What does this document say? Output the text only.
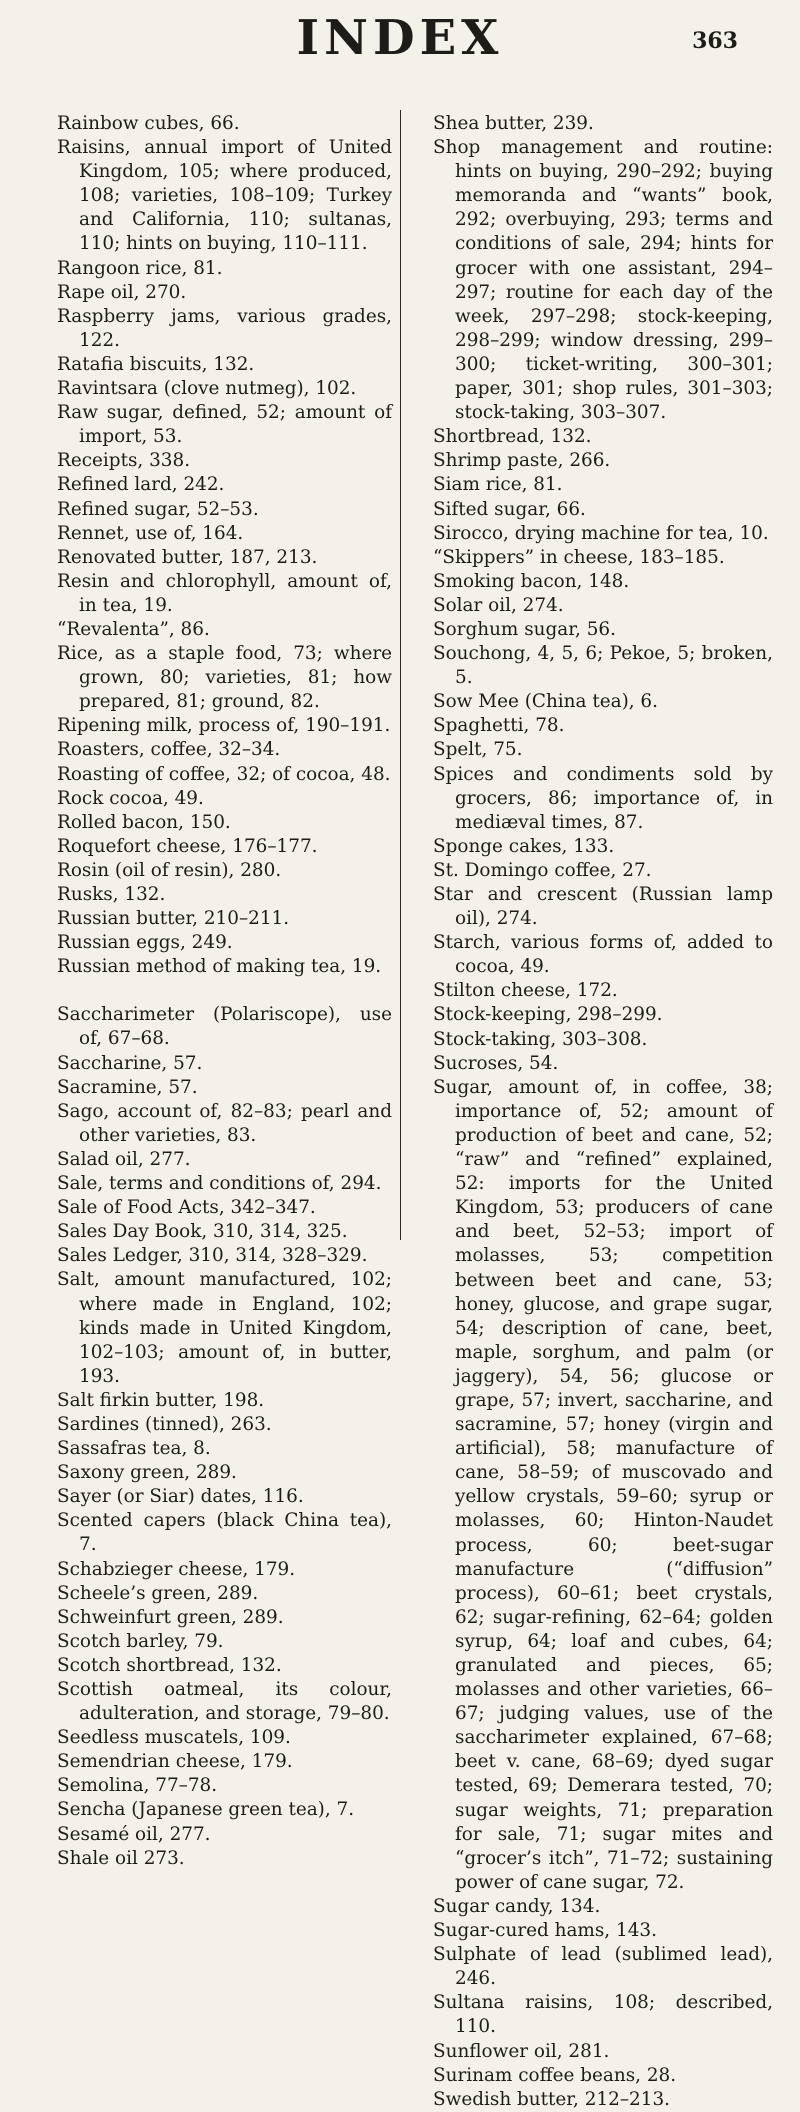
INDEX	363

Rainbow cubes, 66.

Raisins, annual import of United Kingdom, 105; where produced, 108; varieties, 108–109; Turkey and California, 110; sultanas, 110; hints on buying, 110–111.

Rangoon rice, 81.

Rape oil, 270.

Raspberry jams, various grades, 122.

Ratafia biscuits, 132.

Ravintsara (clove nutmeg), 102.

Raw sugar, defined, 52; amount of import, 53.

Receipts, 338.

Refined lard, 242.

Refined sugar, 52–53.

Rennet, use of, 164.

Renovated butter, 187, 213.

Resin and chlorophyll, amount of, in tea, 19.

“Revalenta”, 86.

Rice, as a staple food, 73; where grown, 80; varieties, 81; how prepared, 81; ground, 82.

Ripening milk, process of, 190–191.

Roasters, coffee, 32–34.

Roasting of coffee, 32; of cocoa, 48.

Rock cocoa, 49.

Rolled bacon, 150.

Roquefort cheese, 176–177.

Rosin (oil of resin), 280.

Rusks, 132.

Russian butter, 210–211.

Russian eggs, 249.

Russian method of making tea, 19.

Saccharimeter (Polariscope), use of, 67–68.

Saccharine, 57.

Sacramine, 57.

Sago, account of, 82–83; pearl and other varieties, 83.

Salad oil, 277.

Sale, terms and conditions of, 294.

Sale of Food Acts, 342–347.

Sales Day Book, 310, 314, 325.

Sales Ledger, 310, 314, 328–329.

Salt, amount manufactured, 102; where made in England, 102; kinds made in United Kingdom, 102–103; amount of, in butter, 193.

Salt firkin butter, 198.

Sardines (tinned), 263.

Sassafras tea, 8.

Saxony green, 289.

Sayer (or Siar) dates, 116.

Scented capers (black China tea), 7.

Schabzieger cheese, 179.

Scheele’s green, 289.

Schweinfurt green, 289.

Scotch barley, 79.

Scotch shortbread, 132.

Scottish oatmeal, its colour, adulteration, and storage, 79–80.

Seedless muscatels, 109.

Semendrian cheese, 179.

Semolina, 77–78.

Sencha (Japanese green tea), 7.

Sesamé oil, 277.

Shale oil 273.

Shea butter, 239.

Shop management and routine: hints on buying, 290–292; buying memoranda and “wants” book, 292; overbuying, 293; terms and conditions of sale, 294; hints for grocer with one assistant, 294–297; routine for each day of the week, 297–298; stock-keeping, 298–299; window dressing, 299–300; ticket-writing, 300–301; paper, 301; shop rules, 301–303; stock-taking, 303–307.

Shortbread, 132.

Shrimp paste, 266.

Siam rice, 81.

Sifted sugar, 66.

Sirocco, drying machine for tea, 10.

“Skippers” in cheese, 183–185.

Smoking bacon, 148.

Solar oil, 274.

Sorghum sugar, 56.

Souchong, 4, 5, 6; Pekoe, 5; broken, 5.

Sow Mee (China tea), 6.

Spaghetti, 78.

Spelt, 75.

Spices and condiments sold by grocers, 86; importance of, in mediæval times, 87.

Sponge cakes, 133.

St. Domingo coffee, 27.

Star and crescent (Russian lamp oil), 274.

Starch, various forms of, added to cocoa, 49.

Stilton cheese, 172.

Stock-keeping, 298–299.

Stock-taking, 303–308.

Sucroses, 54.

Sugar, amount of, in coffee, 38; importance of, 52; amount of production of beet and cane, 52; “raw” and “refined” explained, 52: imports for the United Kingdom, 53; producers of cane and beet, 52–53; import of molasses, 53; competition between beet and cane, 53; honey, glucose, and grape sugar, 54; description of cane, beet, maple, sorghum, and palm (or jaggery), 54, 56; glucose or grape, 57; invert, saccharine, and sacramine, 57; honey (virgin and artificial), 58; manufacture of cane, 58–59; of muscovado and yellow crystals, 59–60; syrup or molasses, 60; Hinton-Naudet process, 60; beet-sugar manufacture (“diffusion” process), 60–61; beet crystals, 62; sugar-refining, 62–64; golden syrup, 64; loaf and cubes, 64; granulated and pieces, 65; molasses and other varieties, 66–67; judging values, use of the saccharimeter explained, 67–68; beet v. cane, 68–69; dyed sugar tested, 69; Demerara tested, 70; sugar weights, 71; preparation for sale, 71; sugar mites and “grocer’s itch”, 71–72; sustaining power of cane sugar, 72.

Sugar candy, 134.

Sugar-cured hams, 143.

Sulphate of lead (sublimed lead), 246.

Sultana raisins, 108; described, 110.

Sunflower oil, 281.

Surinam coffee beans, 28.

Swedish butter, 212–213.
